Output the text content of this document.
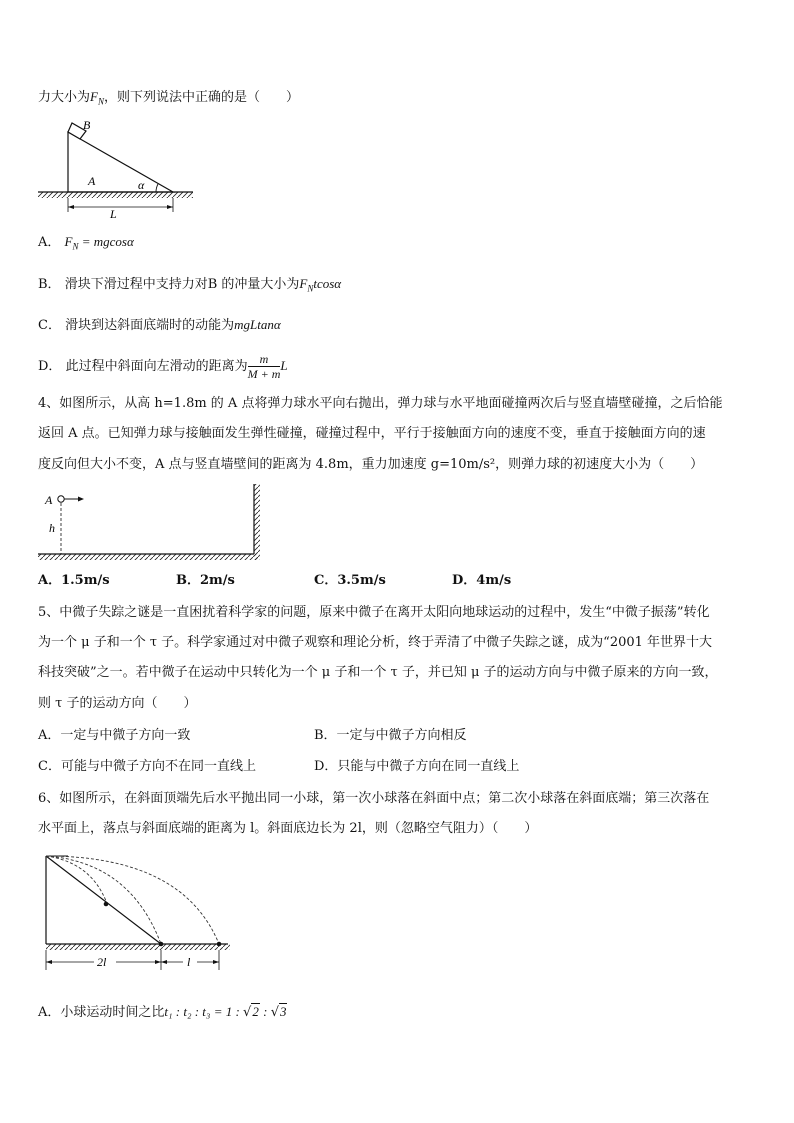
力大小为$F_N$，则下列说法中正确的是（　　）
B
A	α
L
A． $F_N = mgcos\alpha$
B． 滑块下滑过程中支持力对B 的冲量大小为$F_Ntcos\alpha$
C． 滑块到达斜面底端时的动能为mgLtanα
D． 此过程中斜面向左滑动的距离为 $\frac{m}{M + m}$ L
4、如图所示，从高 h=1.8m 的 A 点将弹力球水平向右抛出，弹力球与水平地面碰撞两次后与竖直墙壁碰撞，之后恰能
返回 A 点。已知弹力球与接触面发生弹性碰撞，碰撞过程中，平行于接触面方向的速度不变，垂直于接触面方向的速
度反向但大小不变，A 点与竖直墙壁间的距离为 4.8m，重力加速度 g=10m/s²，则弹力球的初速度大小为（　　）
A
h
A．1.5m/s	B．2m/s	C．3.5m/s	D．4m/s
5、中微子失踪之谜是一直困扰着科学家的问题，原来中微子在离开太阳向地球运动的过程中，发生“中微子振荡”转化
为一个 μ 子和一个 τ 子。科学家通过对中微子观察和理论分析，终于弄清了中微子失踪之谜，成为“2001 年世界十大
科技突破”之一。若中微子在运动中只转化为一个 μ 子和一个 τ 子，并已知 μ 子的运动方向与中微子原来的方向一致，
则 τ 子的运动方向（　　）
A．一定与中微子方向一致	B．一定与中微子方向相反
C．可能与中微子方向不在同一直线上	D．只能与中微子方向在同一直线上
6、如图所示，在斜面顶端先后水平抛出同一小球，第一次小球落在斜面中点；第二次小球落在斜面底端；第三次落在
水平面上，落点与斜面底端的距离为 l。斜面底边长为 2l，则（忽略空气阻力）（　　）
2l	l
A．小球运动时间之比t₁ : t₂ : t₃ = 1 : √2 : √3
